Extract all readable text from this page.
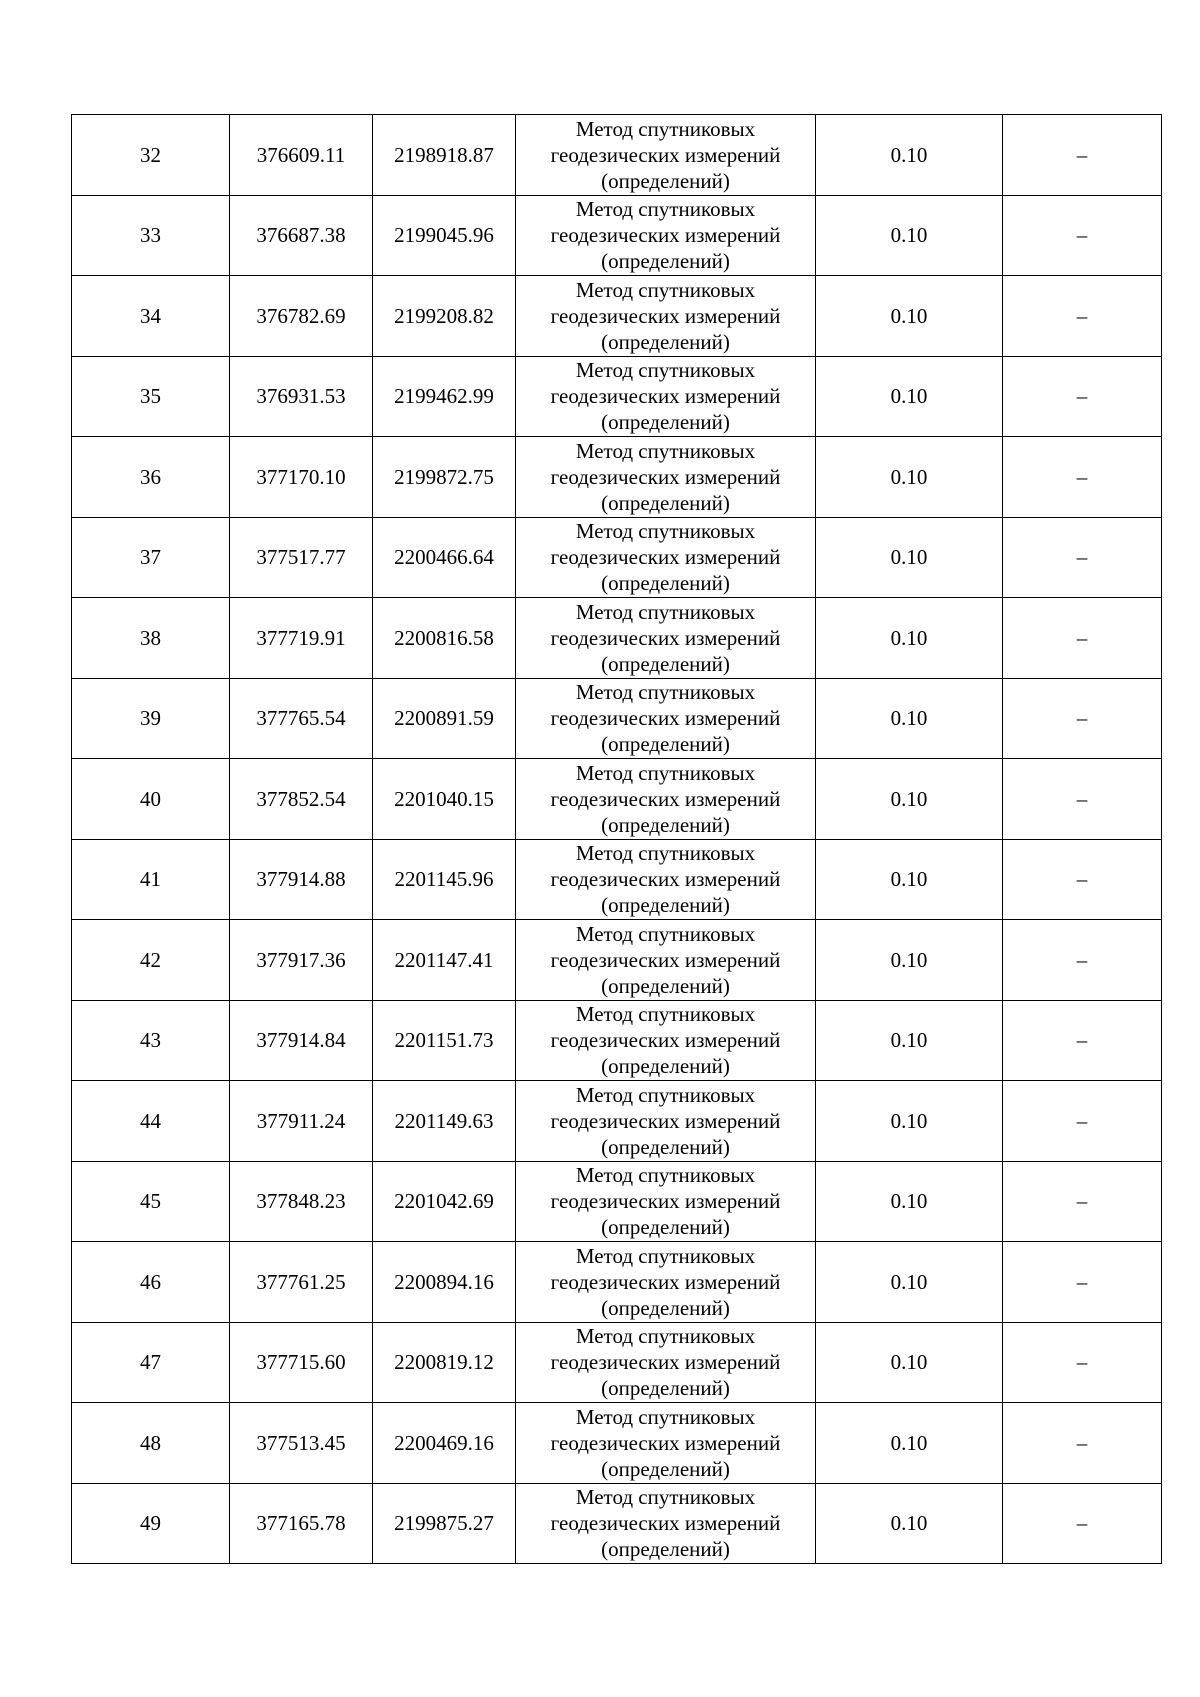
32	376609.11	2198918.87	Метод спутниковых
геодезических измерений
(определений)	0.10	–
33	376687.38	2199045.96	Метод спутниковых
геодезических измерений
(определений)	0.10	–
34	376782.69	2199208.82	Метод спутниковых
геодезических измерений
(определений)	0.10	–
35	376931.53	2199462.99	Метод спутниковых
геодезических измерений
(определений)	0.10	–
36	377170.10	2199872.75	Метод спутниковых
геодезических измерений
(определений)	0.10	–
37	377517.77	2200466.64	Метод спутниковых
геодезических измерений
(определений)	0.10	–
38	377719.91	2200816.58	Метод спутниковых
геодезических измерений
(определений)	0.10	–
39	377765.54	2200891.59	Метод спутниковых
геодезических измерений
(определений)	0.10	–
40	377852.54	2201040.15	Метод спутниковых
геодезических измерений
(определений)	0.10	–
41	377914.88	2201145.96	Метод спутниковых
геодезических измерений
(определений)	0.10	–
42	377917.36	2201147.41	Метод спутниковых
геодезических измерений
(определений)	0.10	–
43	377914.84	2201151.73	Метод спутниковых
геодезических измерений
(определений)	0.10	–
44	377911.24	2201149.63	Метод спутниковых
геодезических измерений
(определений)	0.10	–
45	377848.23	2201042.69	Метод спутниковых
геодезических измерений
(определений)	0.10	–
46	377761.25	2200894.16	Метод спутниковых
геодезических измерений
(определений)	0.10	–
47	377715.60	2200819.12	Метод спутниковых
геодезических измерений
(определений)	0.10	–
48	377513.45	2200469.16	Метод спутниковых
геодезических измерений
(определений)	0.10	–
49	377165.78	2199875.27	Метод спутниковых
геодезических измерений
(определений)	0.10	–
